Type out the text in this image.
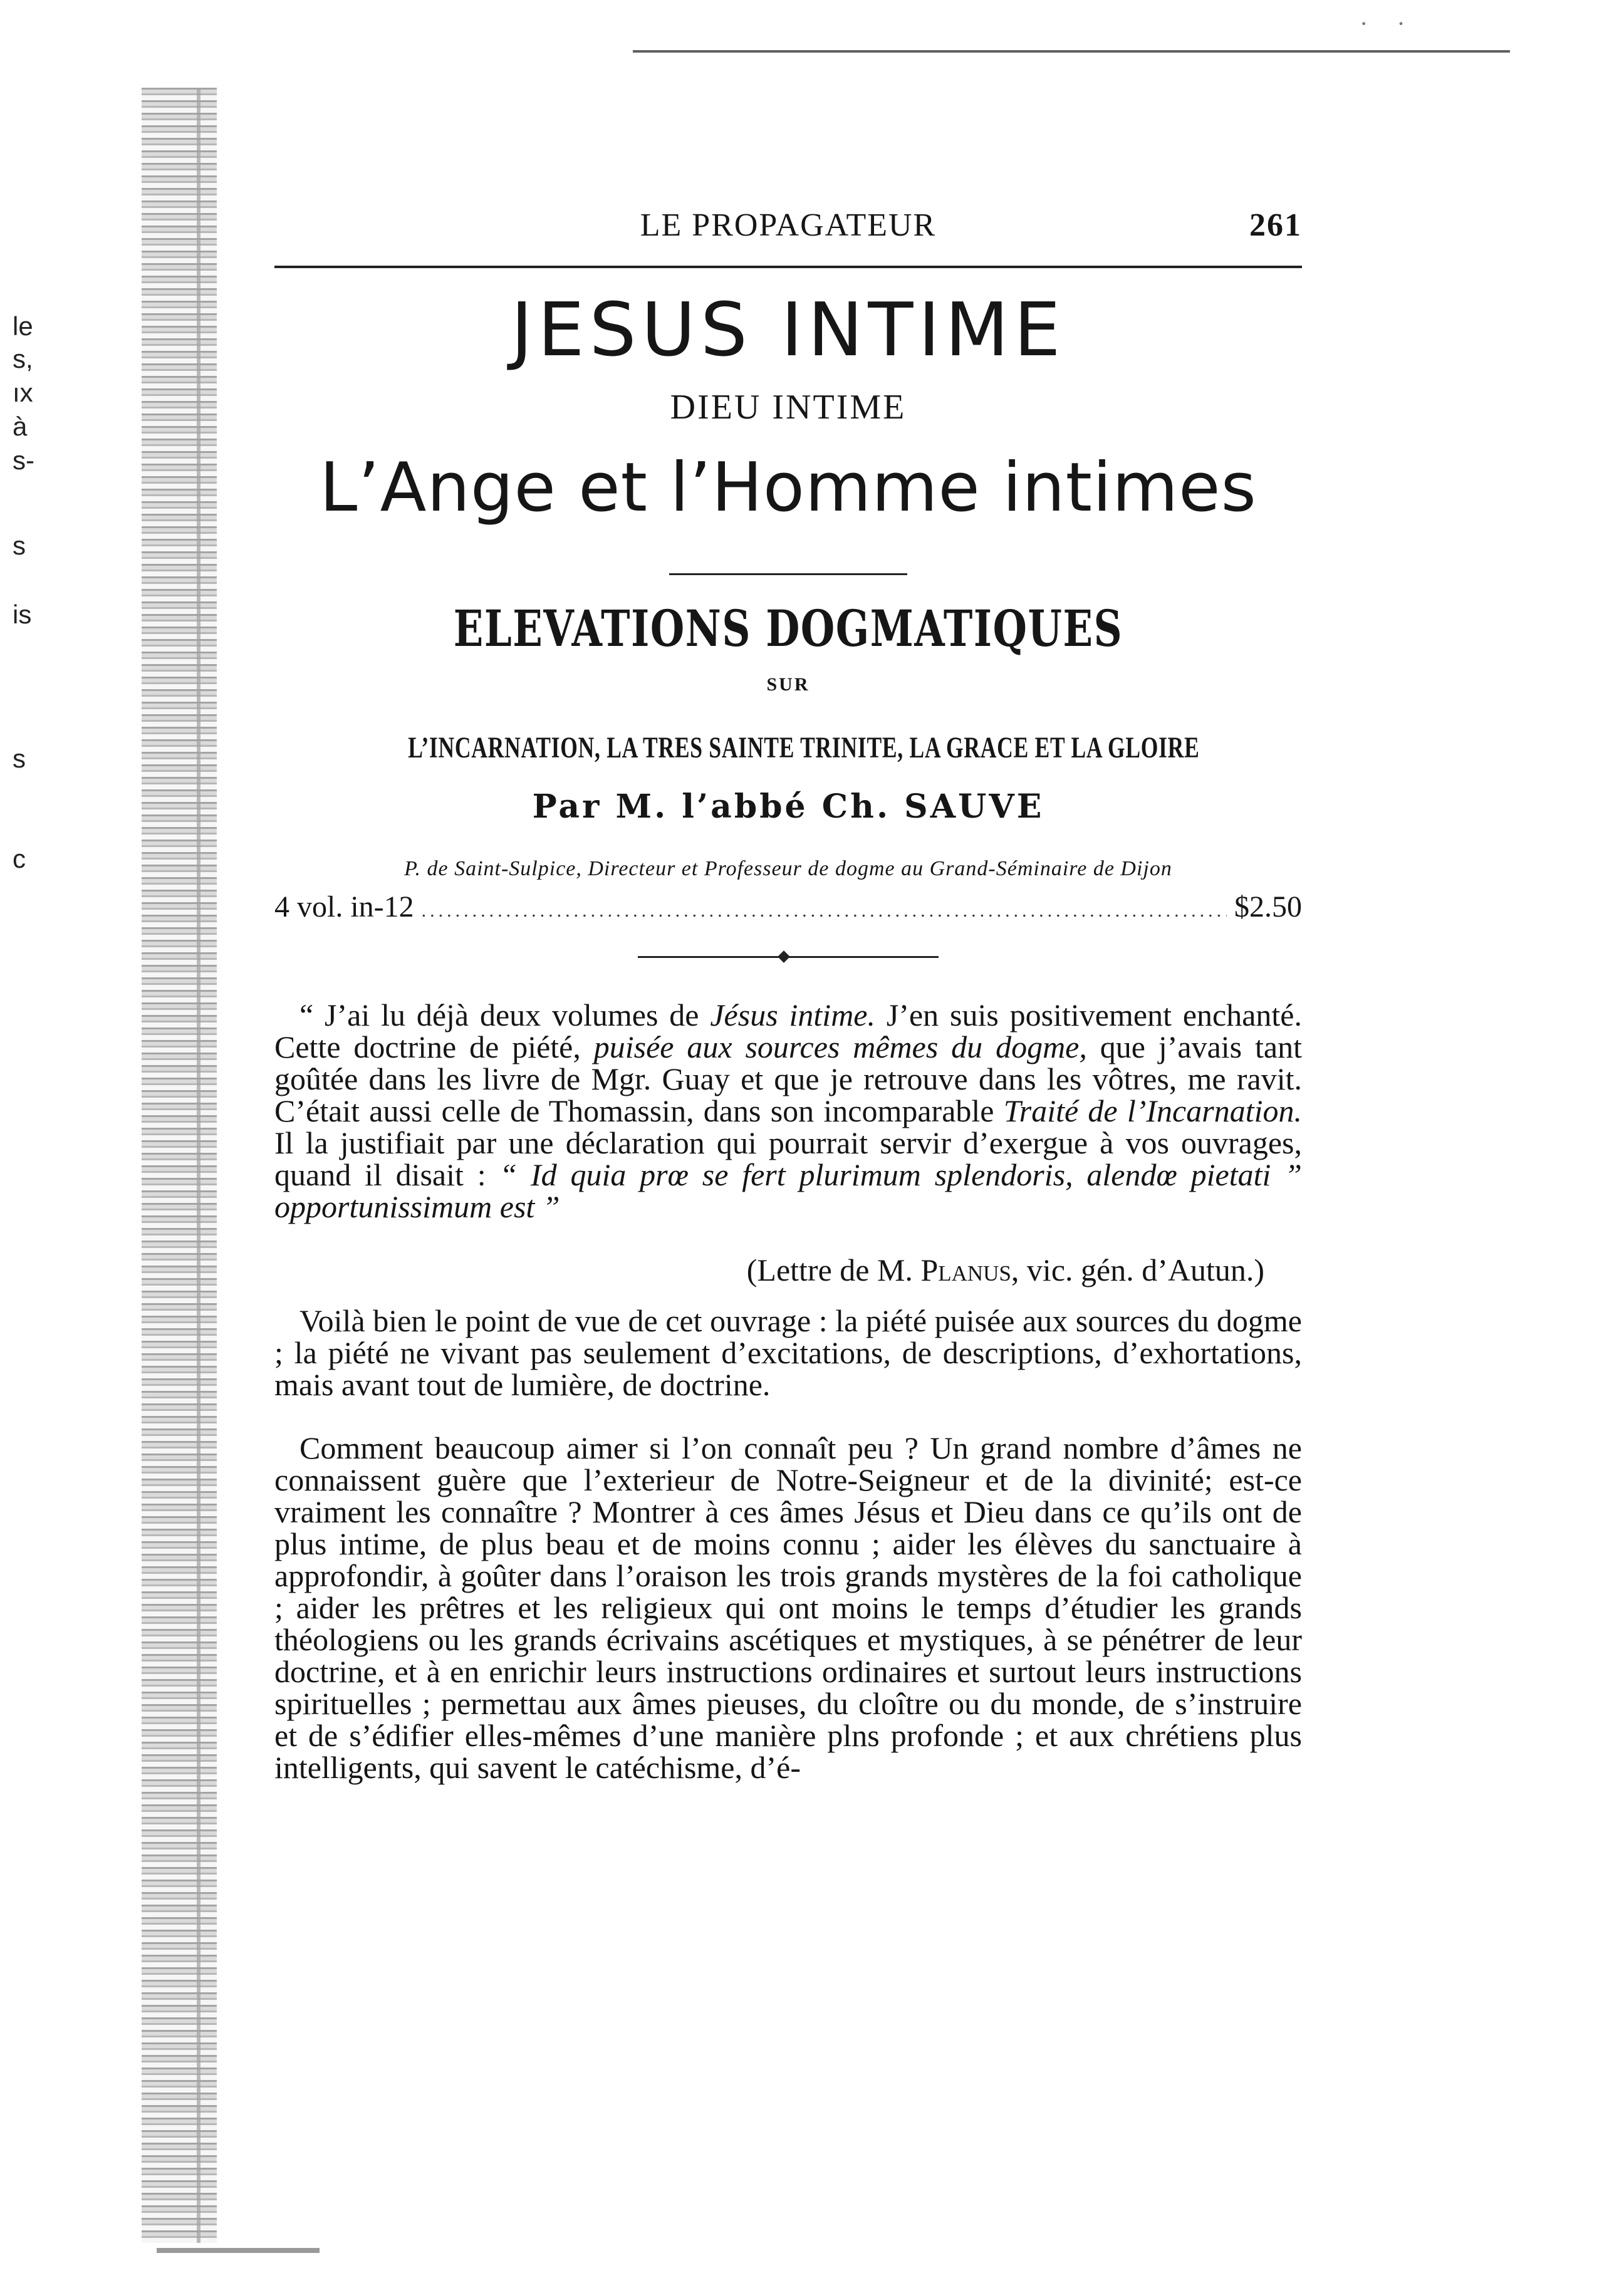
· ·
le
s,
ıx
à
s-
s
is
s
c
LE PROPAGATEUR	261
JESUS INTIME
DIEU INTIME
L’Ange et l’Homme intimes
ELEVATIONS DOGMATIQUES
SUR
L’INCARNATION, LA TRES SAINTE TRINITE, LA GRACE ET LA GLOIRE
Par M. l’abbé Ch. SAUVE
P. de Saint-Sulpice, Directeur et Professeur de dogme au Grand-Séminaire de Dijon
4 vol. in-12
.....	$2.50

“ J’ai lu déjà deux volumes de Jésus intime. J’en suis positivement enchanté. Cette doctrine de piété, puisée aux sources mêmes du dogme, que j’avais tant goûtée dans les livre de Mgr. Guay et que je retrouve dans les vôtres, me ravit. C’était aussi celle de Thomassin, dans son incomparable Traité de l’Incarnation. Il la justifiait par une déclaration qui pourrait servir d’exergue à vos ouvrages, quand il disait : “ Id quia prœ se fert plurimum splendoris, alendœ pietati ” opportunissimum est ”

(Lettre de M. Planus, vic. gén. d’Autun.)

Voilà bien le point de vue de cet ouvrage : la piété puisée aux sources du dogme ; la piété ne vivant pas seulement d’excitations, de descriptions, d’exhortations, mais avant tout de lumière, de doctrine.

Comment beaucoup aimer si l’on connaît peu ? Un grand nombre d’âmes ne connaissent guère que l’exterieur de Notre-Seigneur et de la divinité; est-ce vraiment les connaître ? Montrer à ces âmes Jésus et Dieu dans ce qu’ils ont de plus intime, de plus beau et de moins connu ; aider les élèves du sanctuaire à approfondir, à goûter dans l’oraison les trois grands mystères de la foi catholique ; aider les prêtres et les religieux qui ont moins le temps d’étudier les grands théologiens ou les grands écrivains ascétiques et mystiques, à se pénétrer de leur doctrine, et à en enrichir leurs instructions ordinaires et surtout leurs instructions spirituelles ; permettau aux âmes pieuses, du cloître ou du monde, de s’instruire et de s’édifier elles-mêmes d’une manière plns profonde ; et aux chrétiens plus intelligents, qui savent le catéchisme, d’é-
